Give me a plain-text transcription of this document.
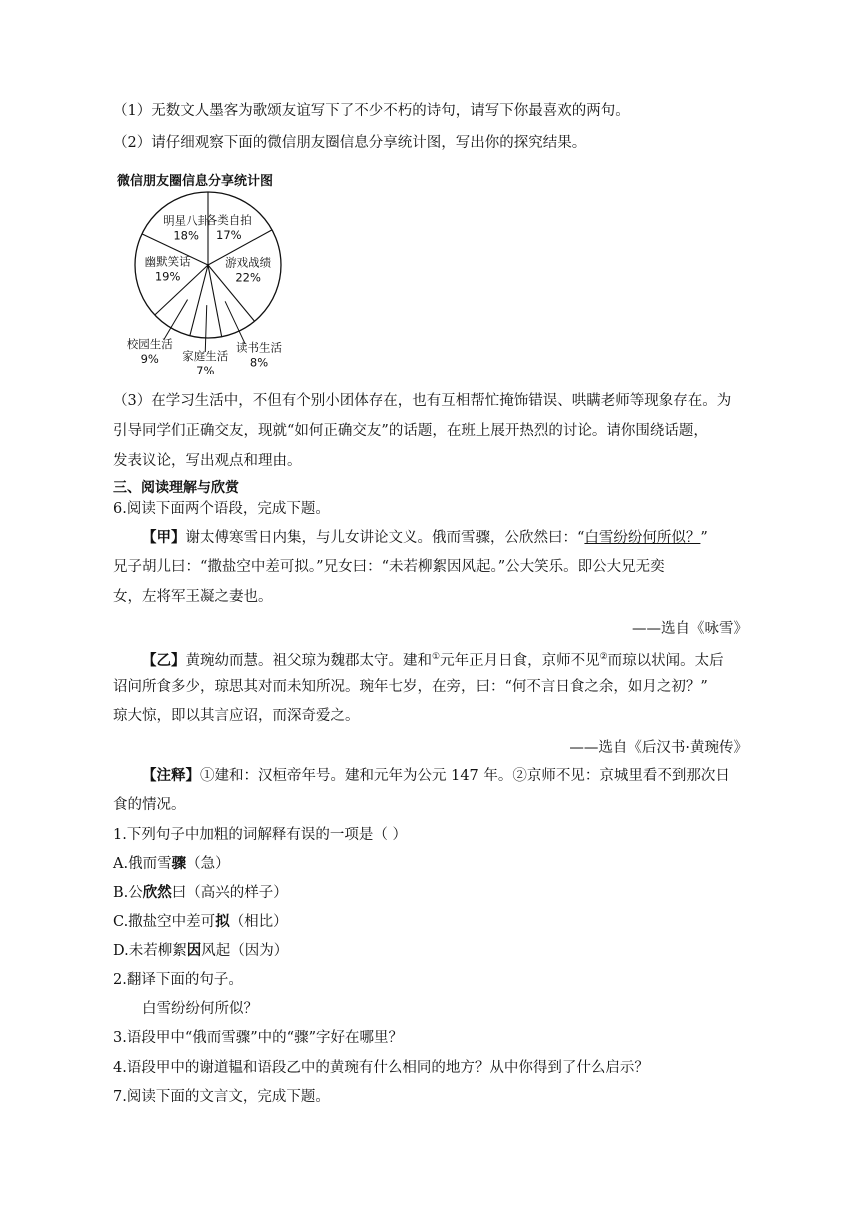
（1）无数文人墨客为歌颂友谊写下了不少不朽的诗句，请写下你最喜欢的两句。
（2）请仔细观察下面的微信朋友圈信息分享统计图，写出你的探究结果。
微信朋友圈信息分享统计图
各类自拍
17%
游戏战绩
22%
读书生活
8%
家庭生活
7%
校园生活
9%
幽默笑话
19%
明星八卦
18%
（3）在学习生活中，不但有个别小团体存在，也有互相帮忙掩饰错误、哄瞒老师等现象存在。为
引导同学们正确交友，现就“如何正确交友”的话题，在班上展开热烈的讨论。请你围绕话题，
发表议论，写出观点和理由。
三、阅读理解与欣赏
6.阅读下面两个语段，完成下题。
【甲】谢太傅寒雪日内集，与儿女讲论文义。俄而雪骤，公欣然曰：“白雪纷纷何所似？”
兄子胡儿曰：“撒盐空中差可拟。”兄女曰：“未若柳絮因风起。”公大笑乐。即公大兄无奕
女，左将军王凝之妻也。
——选自《咏雪》
【乙】黄琬幼而慧。祖父琼为魏郡太守。建和①元年正月日食，京师不见②而琼以状闻。太后
诏问所食多少，琼思其对而未知所况。琬年七岁，在旁，曰：“何不言日食之余，如月之初？”
琼大惊，即以其言应诏，而深奇爱之。
——选自《后汉书·黄琬传》
【注释】①建和：汉桓帝年号。建和元年为公元 147 年。②京师不见：京城里看不到那次日
食的情况。
1.下列句子中加粗的词解释有误的一项是（ ）
A.俄而雪骤（急）
B.公欣然曰（高兴的样子）
C.撒盐空中差可拟（相比）
D.未若柳絮因风起（因为）
2.翻译下面的句子。
白雪纷纷何所似？
3.语段甲中“俄而雪骤”中的“骤”字好在哪里？
4.语段甲中的谢道韫和语段乙中的黄琬有什么相同的地方？从中你得到了什么启示？
7.阅读下面的文言文，完成下题。
